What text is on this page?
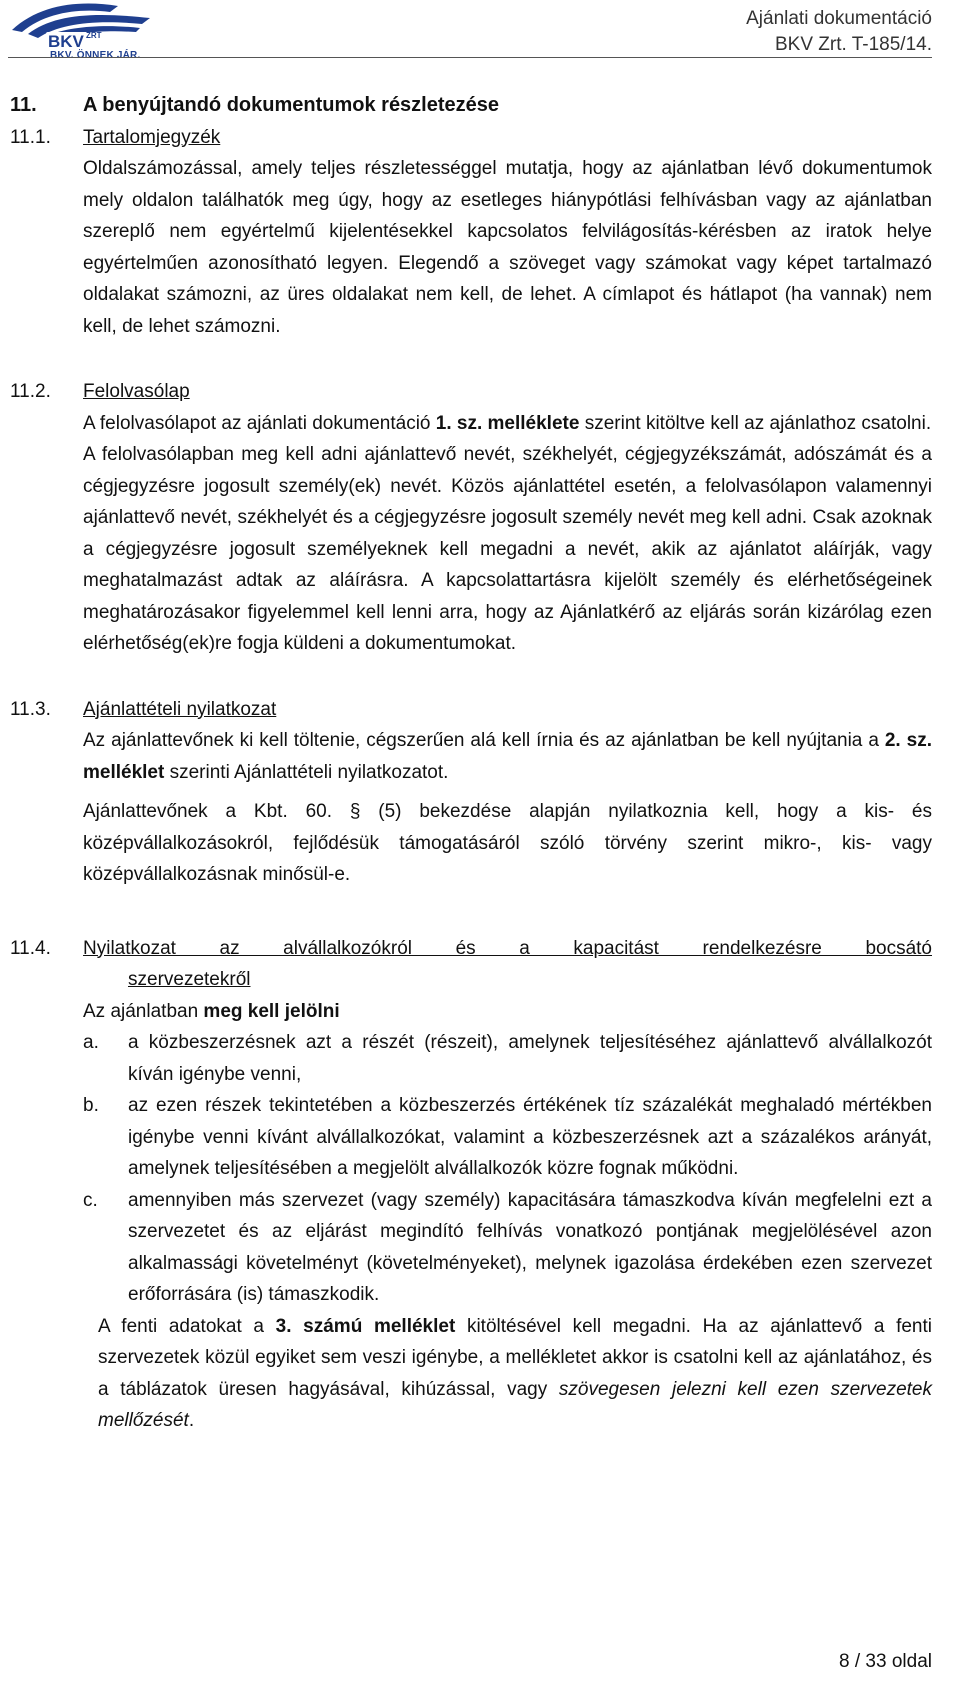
BKV ZRT
BKV. ÖNNEK JÁR.
Ajánlati dokumentáció
BKV Zrt. T-185/14.
11.	A benyújtandó dokumentumok részletezése
11.1.	Tartalomjegyzék
Oldalszámozással, amely teljes részletességgel mutatja, hogy az ajánlatban lévő dokumentumok mely oldalon találhatók meg úgy, hogy az esetleges hiánypótlási felhívásban vagy az ajánlatban szereplő nem egyértelmű kijelentésekkel kapcsolatos felvilágosítás-kérésben az iratok helye egyértelműen azonosítható legyen. Elegendő a szöveget vagy számokat vagy képet tartalmazó oldalakat számozni, az üres oldalakat nem kell, de lehet. A címlapot és hátlapot (ha vannak) nem kell, de lehet számozni.
11.2.	Felolvasólap
A felolvasólapot az ajánlati dokumentáció 1. sz. melléklete szerint kitöltve kell az ajánlathoz csatolni.
A felolvasólapban meg kell adni ajánlattevő nevét, székhelyét, cégjegyzékszámát, adószámát és a cégjegyzésre jogosult személy(ek) nevét. Közös ajánlattétel esetén, a felolvasólapon valamennyi ajánlattevő nevét, székhelyét és a cégjegyzésre jogosult személy nevét meg kell adni. Csak azoknak a cégjegyzésre jogosult személyeknek kell megadni a nevét, akik az ajánlatot aláírják, vagy meghatalmazást adtak az aláírásra. A kapcsolattartásra kijelölt személy és elérhetőségeinek meghatározásakor figyelemmel kell lenni arra, hogy az Ajánlatkérő az eljárás során kizárólag ezen elérhetőség(ek)re fogja küldeni a dokumentumokat.
11.3.	Ajánlattételi nyilatkozat
Az ajánlattevőnek ki kell töltenie, cégszerűen alá kell írnia és az ajánlatban be kell nyújtania a 2. sz. melléklet szerinti Ajánlattételi nyilatkozatot.
Ajánlattevőnek a Kbt. 60. § (5) bekezdése alapján nyilatkoznia kell, hogy a kis- és középvállalkozásokról, fejlődésük támogatásáról szóló törvény szerint mikro-, kis- vagy középvállalkozásnak minősül-e.
11.4.	Nyilatkozat az alvállalkozókról és a kapacitást rendelkezésre bocsátó
szervezetekről
Az ajánlatban meg kell jelölni
a.	a közbeszerzésnek azt a részét (részeit), amelynek teljesítéséhez ajánlattevő alvállalkozót kíván igénybe venni,
b.	az ezen részek tekintetében a közbeszerzés értékének tíz százalékát meghaladó mértékben igénybe venni kívánt alvállalkozókat, valamint a közbeszerzésnek azt a százalékos arányát, amelynek teljesítésében a megjelölt alvállalkozók közre fognak működni.
c.	amennyiben más szervezet (vagy személy) kapacitására támaszkodva kíván megfelelni ezt a szervezetet és az eljárást megindító felhívás vonatkozó pontjának megjelölésével azon alkalmassági követelményt (követelményeket), melynek igazolása érdekében ezen szervezet erőforrására (is) támaszkodik.
A fenti adatokat a 3. számú melléklet kitöltésével kell megadni. Ha az ajánlattevő a fenti szervezetek közül egyiket sem veszi igénybe, a mellékletet akkor is csatolni kell az ajánlatához, és a táblázatok üresen hagyásával, kihúzással, vagy szövegesen jelezni kell ezen szervezetek mellőzését.
8 / 33 oldal
